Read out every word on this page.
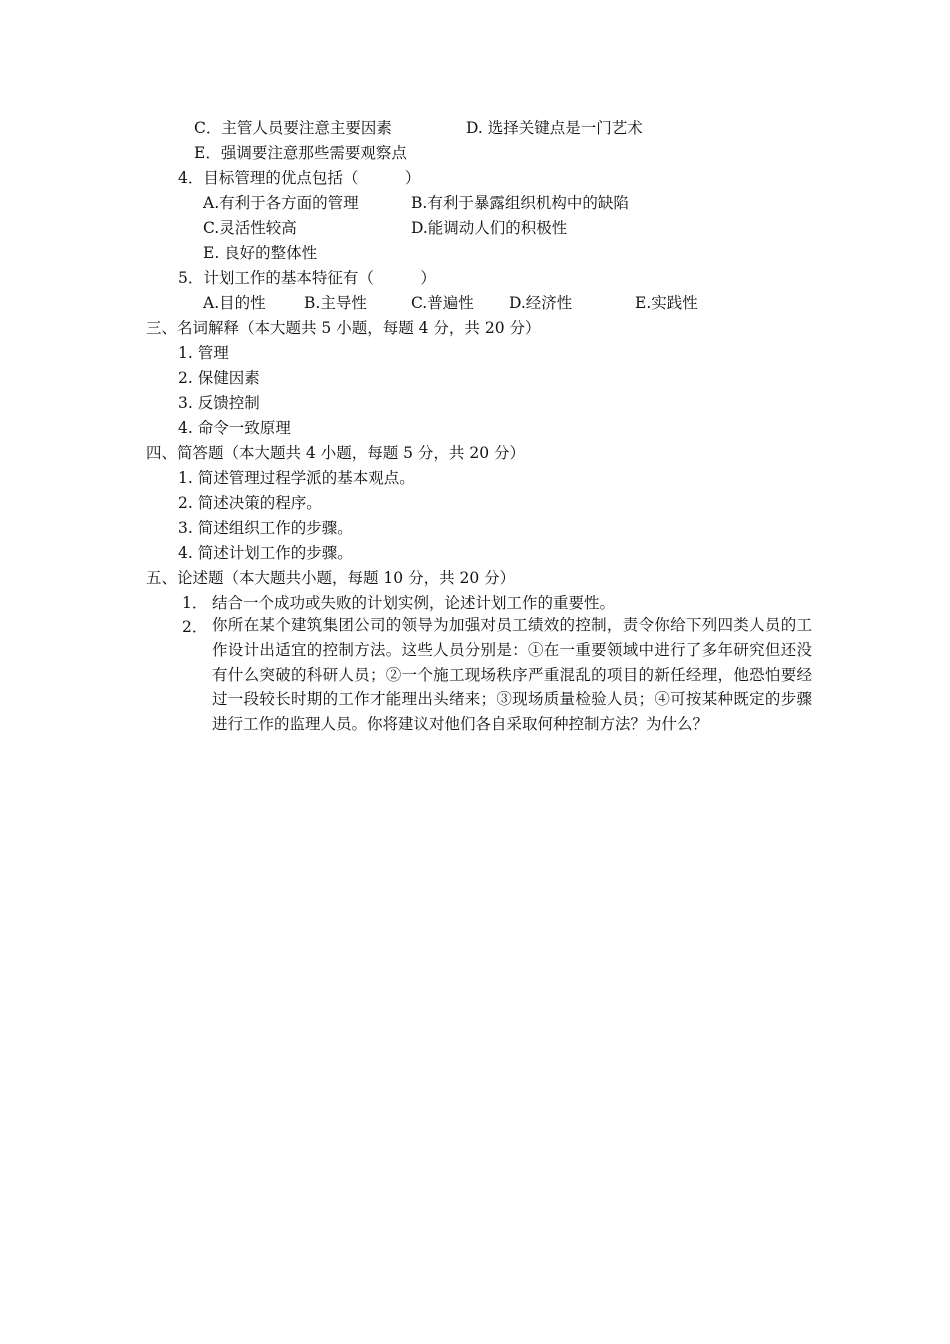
C．主管人员要注意主要因素	D. 选择关键点是一门艺术
E．强调要注意那些需要观察点
4．目标管理的优点包括（　　　）
A.有利于各方面的管理	B.有利于暴露组织机构中的缺陷
C.灵活性较高	D.能调动人们的积极性
E. 良好的整体性
5．计划工作的基本特征有（　　　）
A.目的性 B.主导性	C.普遍性 D.经济性	E.实践性
三、名词解释（本大题共 5 小题，每题 4 分，共 20 分）
1. 管理
2. 保健因素
3. 反馈控制
4. 命令一致原理
四、简答题（本大题共 4 小题，每题 5 分，共 20 分）
1. 简述管理过程学派的基本观点。
2. 简述决策的程序。
3. 简述组织工作的步骤。
4. 简述计划工作的步骤。
五、论述题（本大题共小题，每题 10 分，共 20 分）
1． 结合一个成功或失败的计划实例，论述计划工作的重要性。
2． 你所在某个建筑集团公司的领导为加强对员工绩效的控制，责令你给下列四类人员的工作设计出适宜的控制方法。这些人员分别是：①在一重要领域中进行了多年研究但还没有什么突破的科研人员；②一个施工现场秩序严重混乱的项目的新任经理，他恐怕要经过一段较长时期的工作才能理出头绪来；③现场质量检验人员；④可按某种既定的步骤进行工作的监理人员。你将建议对他们各自采取何种控制方法？为什么？
